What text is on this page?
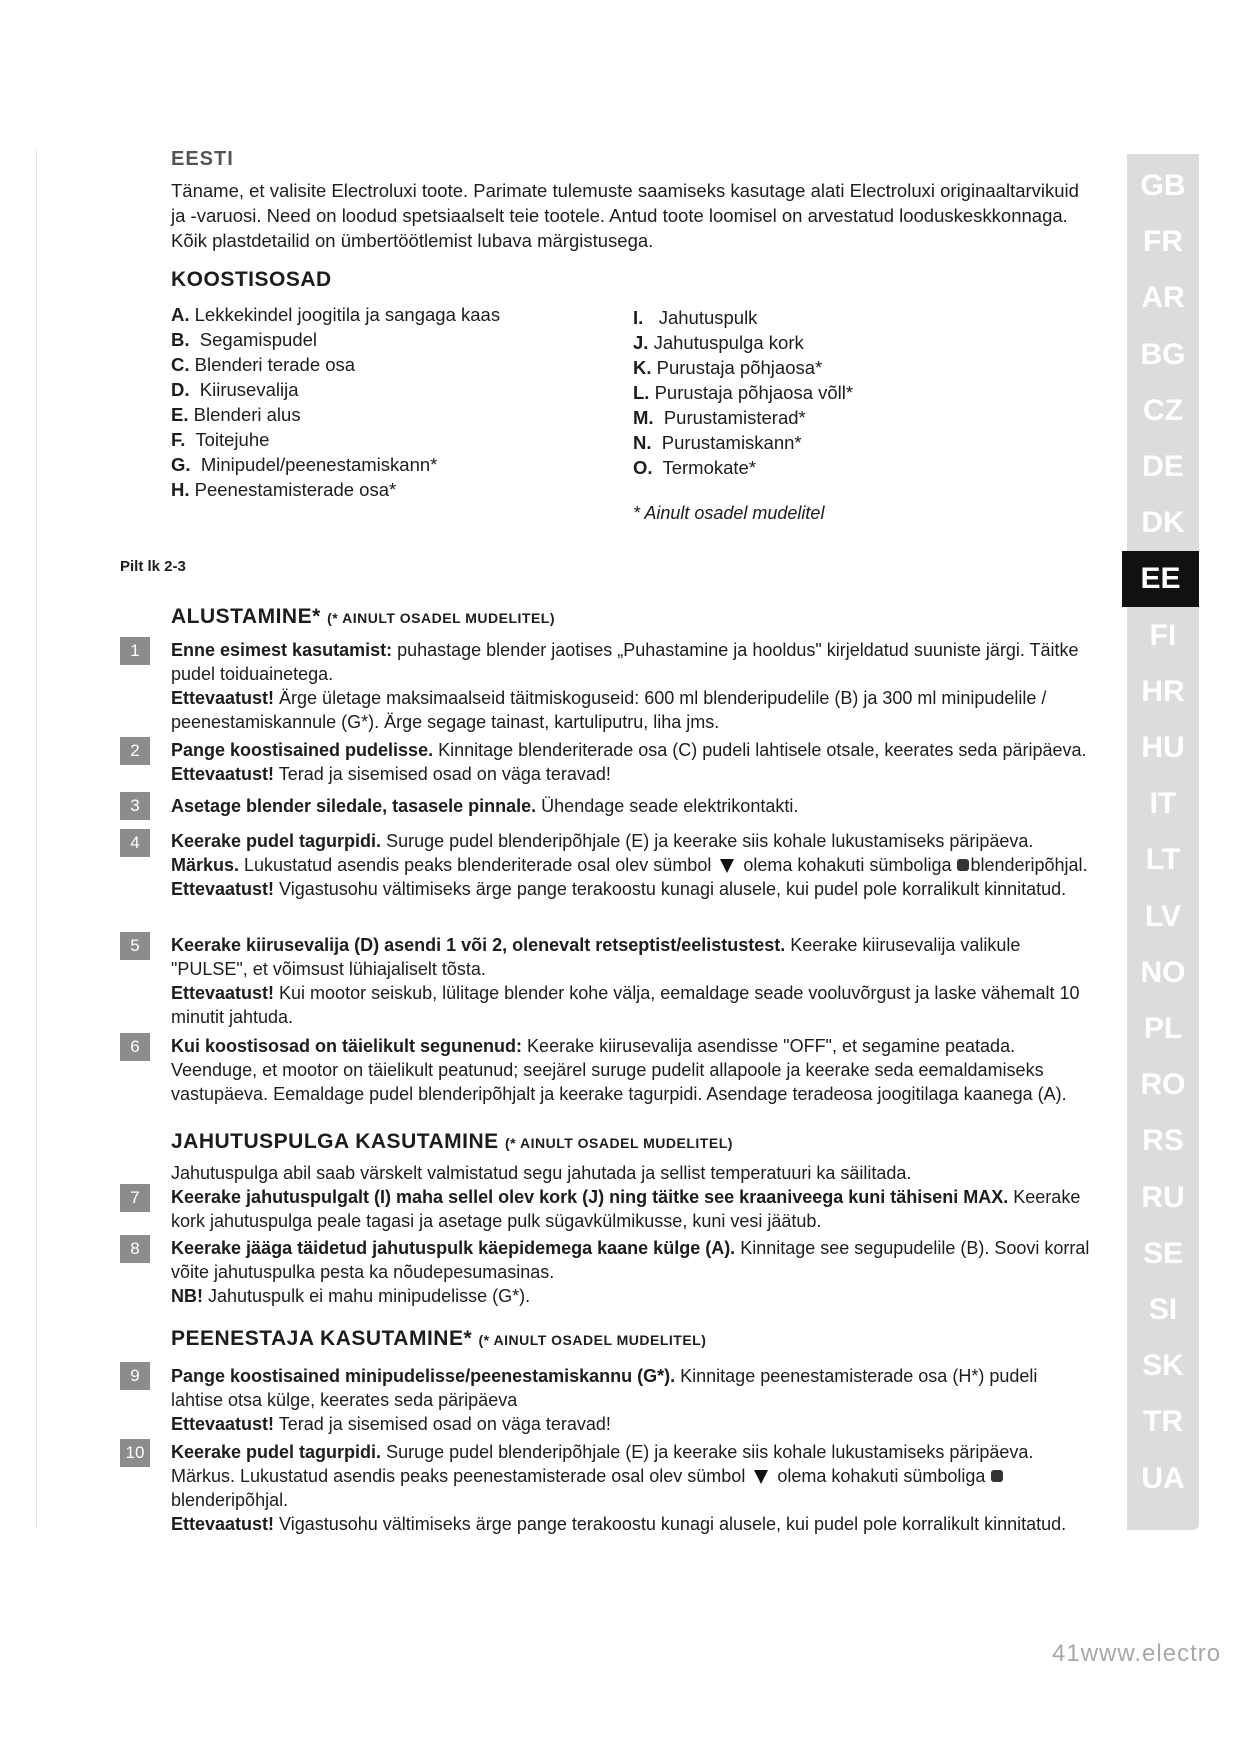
EESTI
Täname, et valisite Electroluxi toote. Parimate tulemuste saamiseks kasutage alati Electroluxi originaaltarvikuid ja -varuosi. Need on loodud spetsiaalselt teie tootele. Antud toote loomisel on arvestatud looduskeskkonnaga. Kõik plastdetailid on ümbertöötlemist lubava märgistusega.
KOOSTISOSAD
A. Lekkekindel joogitila ja sangaga kaas
B. Segamispudel
C. Blenderi terade osa
D. Kiirusevalija
E. Blenderi alus
F. Toitejuhe
G. Minipudel/peenestamiskann*
H. Peenestamisterade osa*
I. Jahutuspulk
J. Jahutuspulga kork
K. Purustaja põhjaosa*
L. Purustaja põhjaosa võll*
M. Purustamisterad*
N. Purustamiskann*
O. Termokate*
* Ainult osadel mudelitel
Pilt lk 2-3
ALUSTAMINE* (* AINULT OSADEL MUDELITEL)
1	Enne esimest kasutamist: puhastage blender jaotises „Puhastamine ja hooldus" kirjeldatud suuniste järgi. Täitke pudel toiduainetega.
Ettevaatust! Ärge ületage maksimaalseid täitmiskoguseid: 600 ml blenderipudelile (B) ja 300 ml minipudelile / peenestamiskannule (G*). Ärge segage tainast, kartuliputru, liha jms.
2	Pange koostisained pudelisse. Kinnitage blenderiterade osa (C) pudeli lahtisele otsale, keerates seda päripäeva.
Ettevaatust! Terad ja sisemised osad on väga teravad!
3	Asetage blender siledale, tasasele pinnale. Ühendage seade elektrikontakti.
4	Keerake pudel tagurpidi. Suruge pudel blenderipõhjale (E) ja keerake siis kohale lukustamiseks päripäeva.
Märkus. Lukustatud asendis peaks blenderiterade osal olev sümbol  olema kohakuti sümboliga blenderipõhjal.
Ettevaatust! Vigastusohu vältimiseks ärge pange terakoostu kunagi alusele, kui pudel pole korralikult kinnitatud.
5	Keerake kiirusevalija (D) asendi 1 või 2, olenevalt retseptist/eelistustest. Keerake kiirusevalija valikule "PULSE", et võimsust lühiajaliselt tõsta.
Ettevaatust! Kui mootor seiskub, lülitage blender kohe välja, eemaldage seade vooluvõrgust ja laske vähemalt 10 minutit jahtuda.
6	Kui koostisosad on täielikult segunenud: Keerake kiirusevalija asendisse "OFF", et segamine peatada. Veenduge, et mootor on täielikult peatunud; seejärel suruge pudelit allapoole ja keerake seda eemaldamiseks vastupäeva. Eemaldage pudel blenderipõhjalt ja keerake tagurpidi. Asendage teradeosa joogitilaga kaanega (A).
JAHUTUSPULGA KASUTAMINE (* AINULT OSADEL MUDELITEL)
Jahutuspulga abil saab värskelt valmistatud segu jahutada ja sellist temperatuuri ka säilitada.
7	Keerake jahutuspulgalt (I) maha sellel olev kork (J) ning täitke see kraaniveega kuni tähiseni MAX. Keerake kork jahutuspulga peale tagasi ja asetage pulk sügavkülmikusse, kuni vesi jäätub.
8	Keerake jääga täidetud jahutuspulk käepidemega kaane külge (A). Kinnitage see segupudelile (B). Soovi korral võite jahutuspulka pesta ka nõudepesumasinas.
NB! Jahutuspulk ei mahu minipudelisse (G*).
PEENESTAJA KASUTAMINE* (* AINULT OSADEL MUDELITEL)
9	Pange koostisained minipudelisse/peenestamiskannu (G*). Kinnitage peenestamisterade osa (H*) pudeli lahtise otsa külge, keerates seda päripäeva
Ettevaatust! Terad ja sisemised osad on väga teravad!
10	Keerake pudel tagurpidi. Suruge pudel blenderipõhjale (E) ja keerake siis kohale lukustamiseks päripäeva.
Märkus. Lukustatud asendis peaks peenestamisterade osal olev sümbol  olema kohakuti sümboliga blenderipõhjal.
Ettevaatust! Vigastusohu vältimiseks ärge pange terakoostu kunagi alusele, kui pudel pole korralikult kinnitatud.
GB
FR
AR
BG
CZ
DE
DK
EE
FI
HR
HU
IT
LT
LV
NO
PL
RO
RS
RU
SE
SI
SK
TR
UA
41www.electro
